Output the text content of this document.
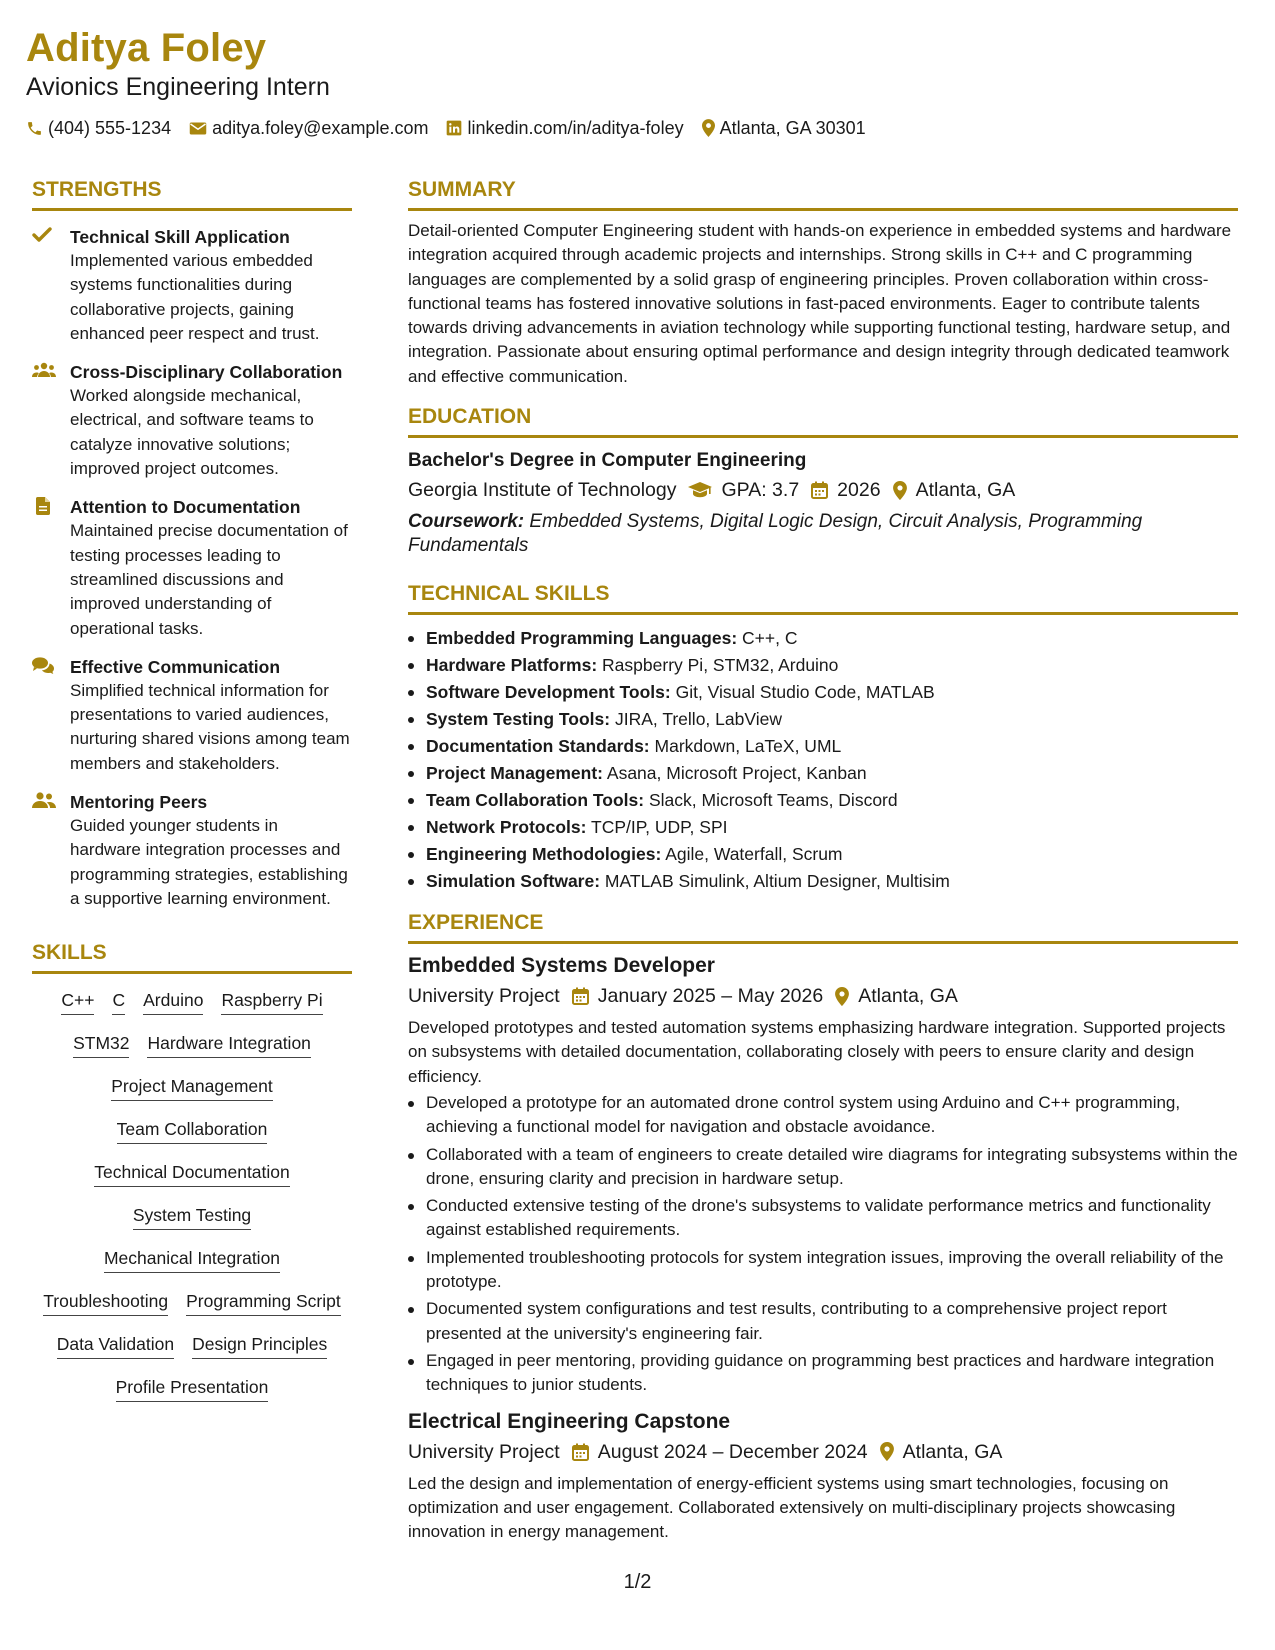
Aditya Foley
Avionics Engineering Intern
(404) 555-1234 aditya.foley@example.com linkedin.com/in/aditya-foley Atlanta, GA 30301
STRENGTHS
Technical Skill Application
Implemented various embedded systems functionalities during collaborative projects, gaining enhanced peer respect and trust.
Cross-Disciplinary Collaboration
Worked alongside mechanical, electrical, and software teams to catalyze innovative solutions; improved project outcomes.
Attention to Documentation
Maintained precise documentation of testing processes leading to streamlined discussions and improved understanding of operational tasks.
Effective Communication
Simplified technical information for presentations to varied audiences, nurturing shared visions among team members and stakeholders.
Mentoring Peers
Guided younger students in hardware integration processes and programming strategies, establishing a supportive learning environment.
SKILLS
C++ C Arduino Raspberry Pi
STM32 Hardware Integration
Project Management
Team Collaboration
Technical Documentation
System Testing
Mechanical Integration
Troubleshooting Programming Script
Data Validation Design Principles
Profile Presentation
SUMMARY
Detail-oriented Computer Engineering student with hands-on experience in embedded systems and hardware integration acquired through academic projects and internships. Strong skills in C++ and C programming languages are complemented by a solid grasp of engineering principles. Proven collaboration within cross-functional teams has fostered innovative solutions in fast-paced environments. Eager to contribute talents towards driving advancements in aviation technology while supporting functional testing, hardware setup, and integration. Passionate about ensuring optimal performance and design integrity through dedicated teamwork and effective communication.
EDUCATION
Bachelor's Degree in Computer Engineering
Georgia Institute of Technology GPA: 3.7 2026 Atlanta, GA
Coursework: Embedded Systems, Digital Logic Design, Circuit Analysis, Programming Fundamentals
TECHNICAL SKILLS
Embedded Programming Languages: C++, C
Hardware Platforms: Raspberry Pi, STM32, Arduino
Software Development Tools: Git, Visual Studio Code, MATLAB
System Testing Tools: JIRA, Trello, LabView
Documentation Standards: Markdown, LaTeX, UML
Project Management: Asana, Microsoft Project, Kanban
Team Collaboration Tools: Slack, Microsoft Teams, Discord
Network Protocols: TCP/IP, UDP, SPI
Engineering Methodologies: Agile, Waterfall, Scrum
Simulation Software: MATLAB Simulink, Altium Designer, Multisim
EXPERIENCE
Embedded Systems Developer
University Project January 2025 – May 2026 Atlanta, GA
Developed prototypes and tested automation systems emphasizing hardware integration. Supported projects on subsystems with detailed documentation, collaborating closely with peers to ensure clarity and design efficiency.
Developed a prototype for an automated drone control system using Arduino and C++ programming, achieving a functional model for navigation and obstacle avoidance.
Collaborated with a team of engineers to create detailed wire diagrams for integrating subsystems within the drone, ensuring clarity and precision in hardware setup.
Conducted extensive testing of the drone's subsystems to validate performance metrics and functionality against established requirements.
Implemented troubleshooting protocols for system integration issues, improving the overall reliability of the prototype.
Documented system configurations and test results, contributing to a comprehensive project report presented at the university's engineering fair.
Engaged in peer mentoring, providing guidance on programming best practices and hardware integration techniques to junior students.
Electrical Engineering Capstone
University Project August 2024 – December 2024 Atlanta, GA
Led the design and implementation of energy-efficient systems using smart technologies, focusing on optimization and user engagement. Collaborated extensively on multi-disciplinary projects showcasing innovation in energy management.
1/2
